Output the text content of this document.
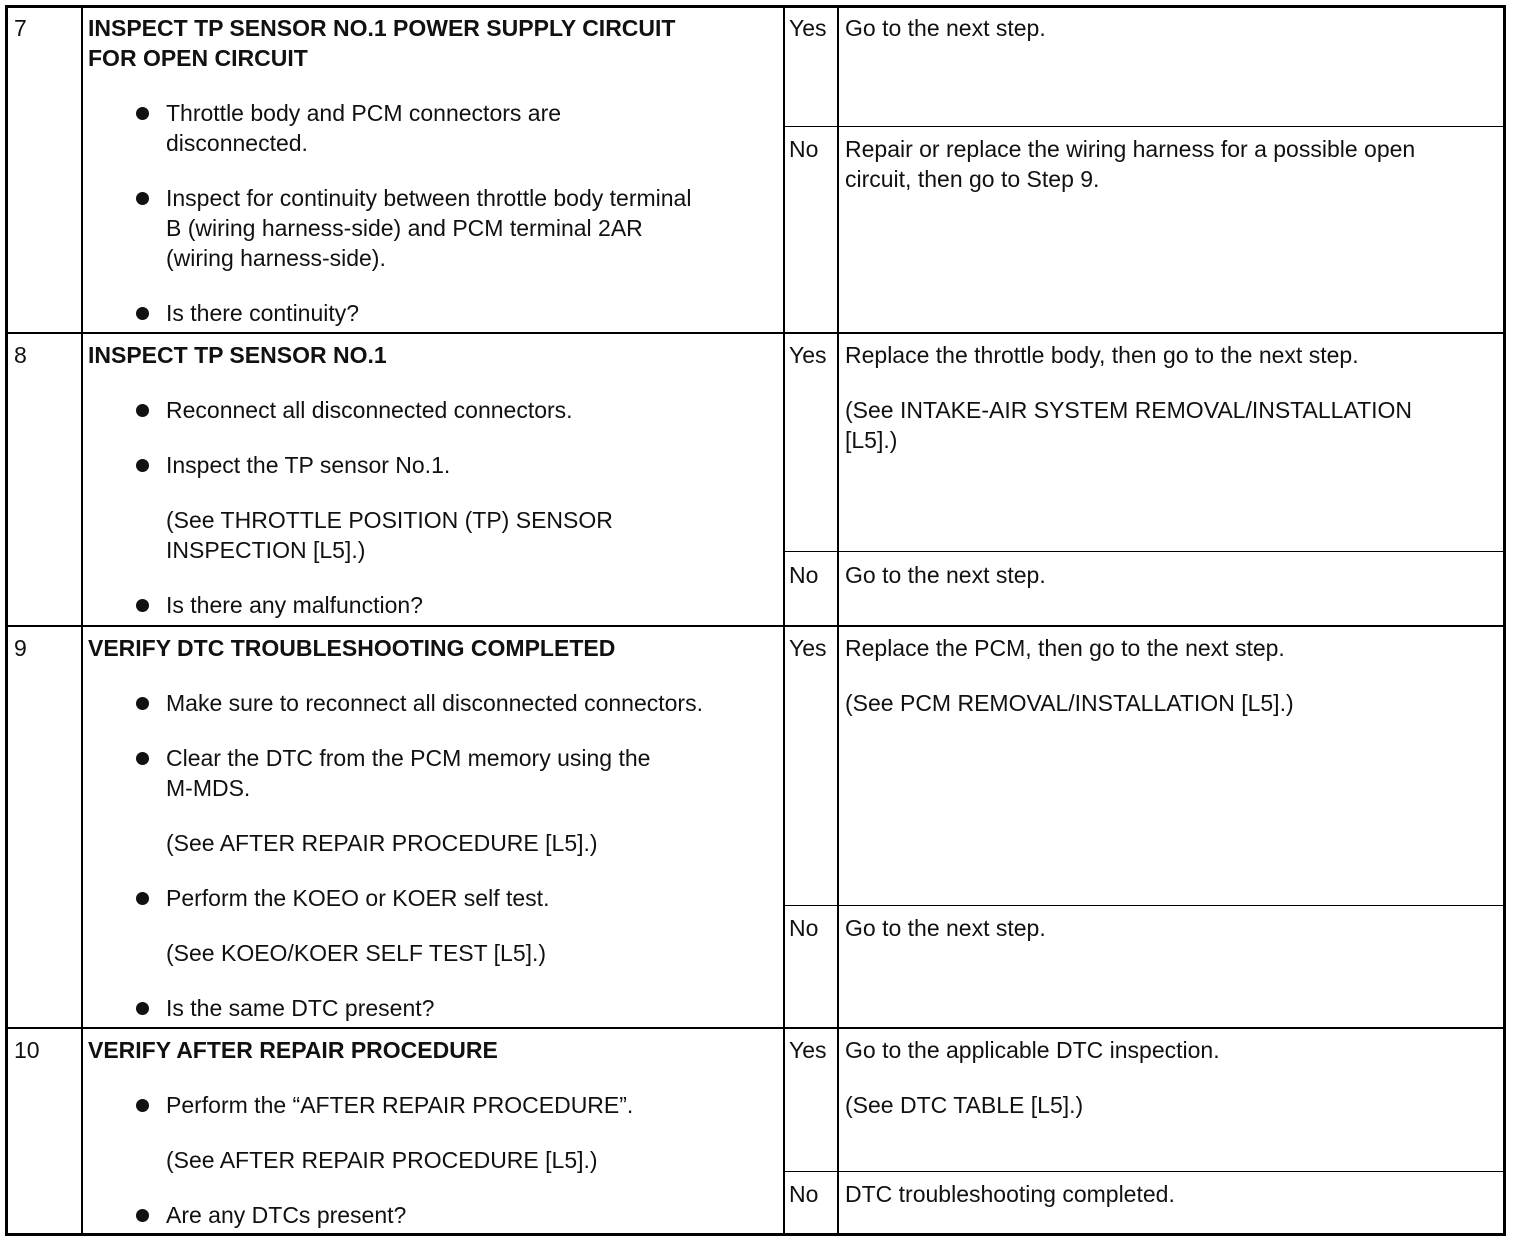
7	INSPECT TP SENSOR NO.1 POWER SUPPLY CIRCUIT
FOR OPEN CIRCUIT
Throttle body and PCM connectors are
disconnected.
Inspect for continuity between throttle body terminal
B (wiring harness-side) and PCM terminal 2AR
(wiring harness-side).
Is there continuity?
Yes Go to the next step.
No Repair or replace the wiring harness for a possible open
circuit, then go to Step 9.
8	INSPECT TP SENSOR NO.1
Reconnect all disconnected connectors.
Inspect the TP sensor No.1.
(See THROTTLE POSITION (TP) SENSOR
INSPECTION [L5].)
Is there any malfunction?
Yes Replace the throttle body, then go to the next step.
(See INTAKE-AIR SYSTEM REMOVAL/INSTALLATION
[L5].)
No Go to the next step.
9	VERIFY DTC TROUBLESHOOTING COMPLETED
Make sure to reconnect all disconnected connectors.
Clear the DTC from the PCM memory using the
M-MDS.
(See AFTER REPAIR PROCEDURE [L5].)
Perform the KOEO or KOER self test.
(See KOEO/KOER SELF TEST [L5].)
Is the same DTC present?
Yes Replace the PCM, then go to the next step.
(See PCM REMOVAL/INSTALLATION [L5].)
No Go to the next step.
10 VERIFY AFTER REPAIR PROCEDURE
Perform the “AFTER REPAIR PROCEDURE”.
(See AFTER REPAIR PROCEDURE [L5].)
Are any DTCs present?
Yes Go to the applicable DTC inspection.
(See DTC TABLE [L5].)
No DTC troubleshooting completed.
